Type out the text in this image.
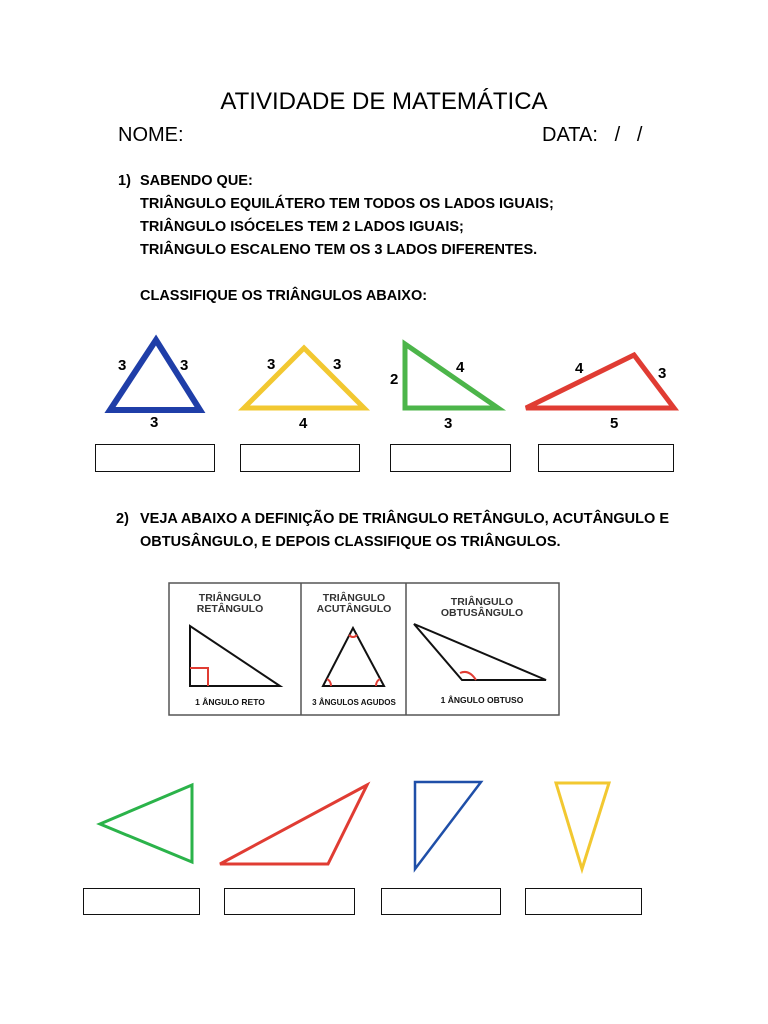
ATIVIDADE DE MATEMÁTICA
NOME:	DATA:   /   /
1) SABENDO QUE:
TRIÂNGULO EQUILÁTERO TEM TODOS OS LADOS IGUAIS;
TRIÂNGULO ISÓCELES TEM 2 LADOS IGUAIS;
TRIÂNGULO ESCALENO TEM OS 3 LADOS DIFERENTES.
CLASSIFIQUE OS TRIÂNGULOS ABAIXO:
3	3
3
3	3
4
2
4
3
4	3
5
2) VEJA ABAIXO A DEFINIÇÃO DE TRIÂNGULO RETÂNGULO, ACUTÂNGULO E OBTUSÂNGULO, E DEPOIS CLASSIFIQUE OS TRIÂNGULOS.
TRIÂNGULO
RETÂNGULO
1 ÂNGULO RETO
TRIÂNGULO
ACUTÂNGULO
3 ÂNGULOS AGUDOS
TRIÂNGULO
OBTUSÂNGULO
1 ÂNGULO OBTUSO
